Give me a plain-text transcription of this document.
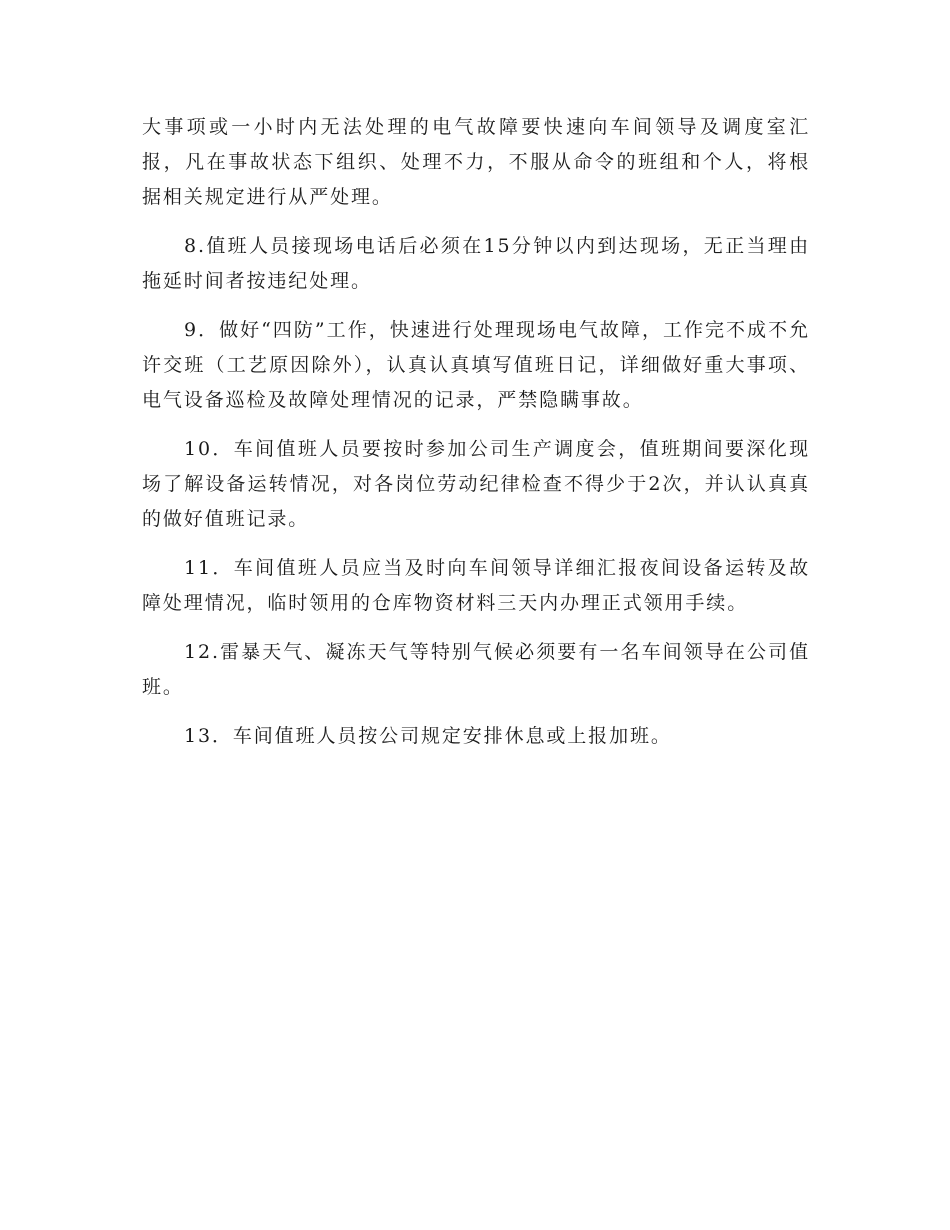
大事项或一小时内无法处理的电气故障要快速向车间领导及调度室汇报，凡在事故状态下组织、处理不力，不服从命令的班组和个人，将根据相关规定进行从严处理。

8.值班人员接现场电话后必须在15分钟以内到达现场，无正当理由拖延时间者按违纪处理。

9．做好“四防”工作，快速进行处理现场电气故障，工作完不成不允许交班（工艺原因除外），认真认真填写值班日记，详细做好重大事项、电气设备巡检及故障处理情况的记录，严禁隐瞒事故。

10．车间值班人员要按时参加公司生产调度会，值班期间要深化现场了解设备运转情况，对各岗位劳动纪律检查不得少于2次，并认认真真的做好值班记录。

11．车间值班人员应当及时向车间领导详细汇报夜间设备运转及故障处理情况，临时领用的仓库物资材料三天内办理正式领用手续。

12.雷暴天气、凝冻天气等特别气候必须要有一名车间领导在公司值班。

13．车间值班人员按公司规定安排休息或上报加班。
